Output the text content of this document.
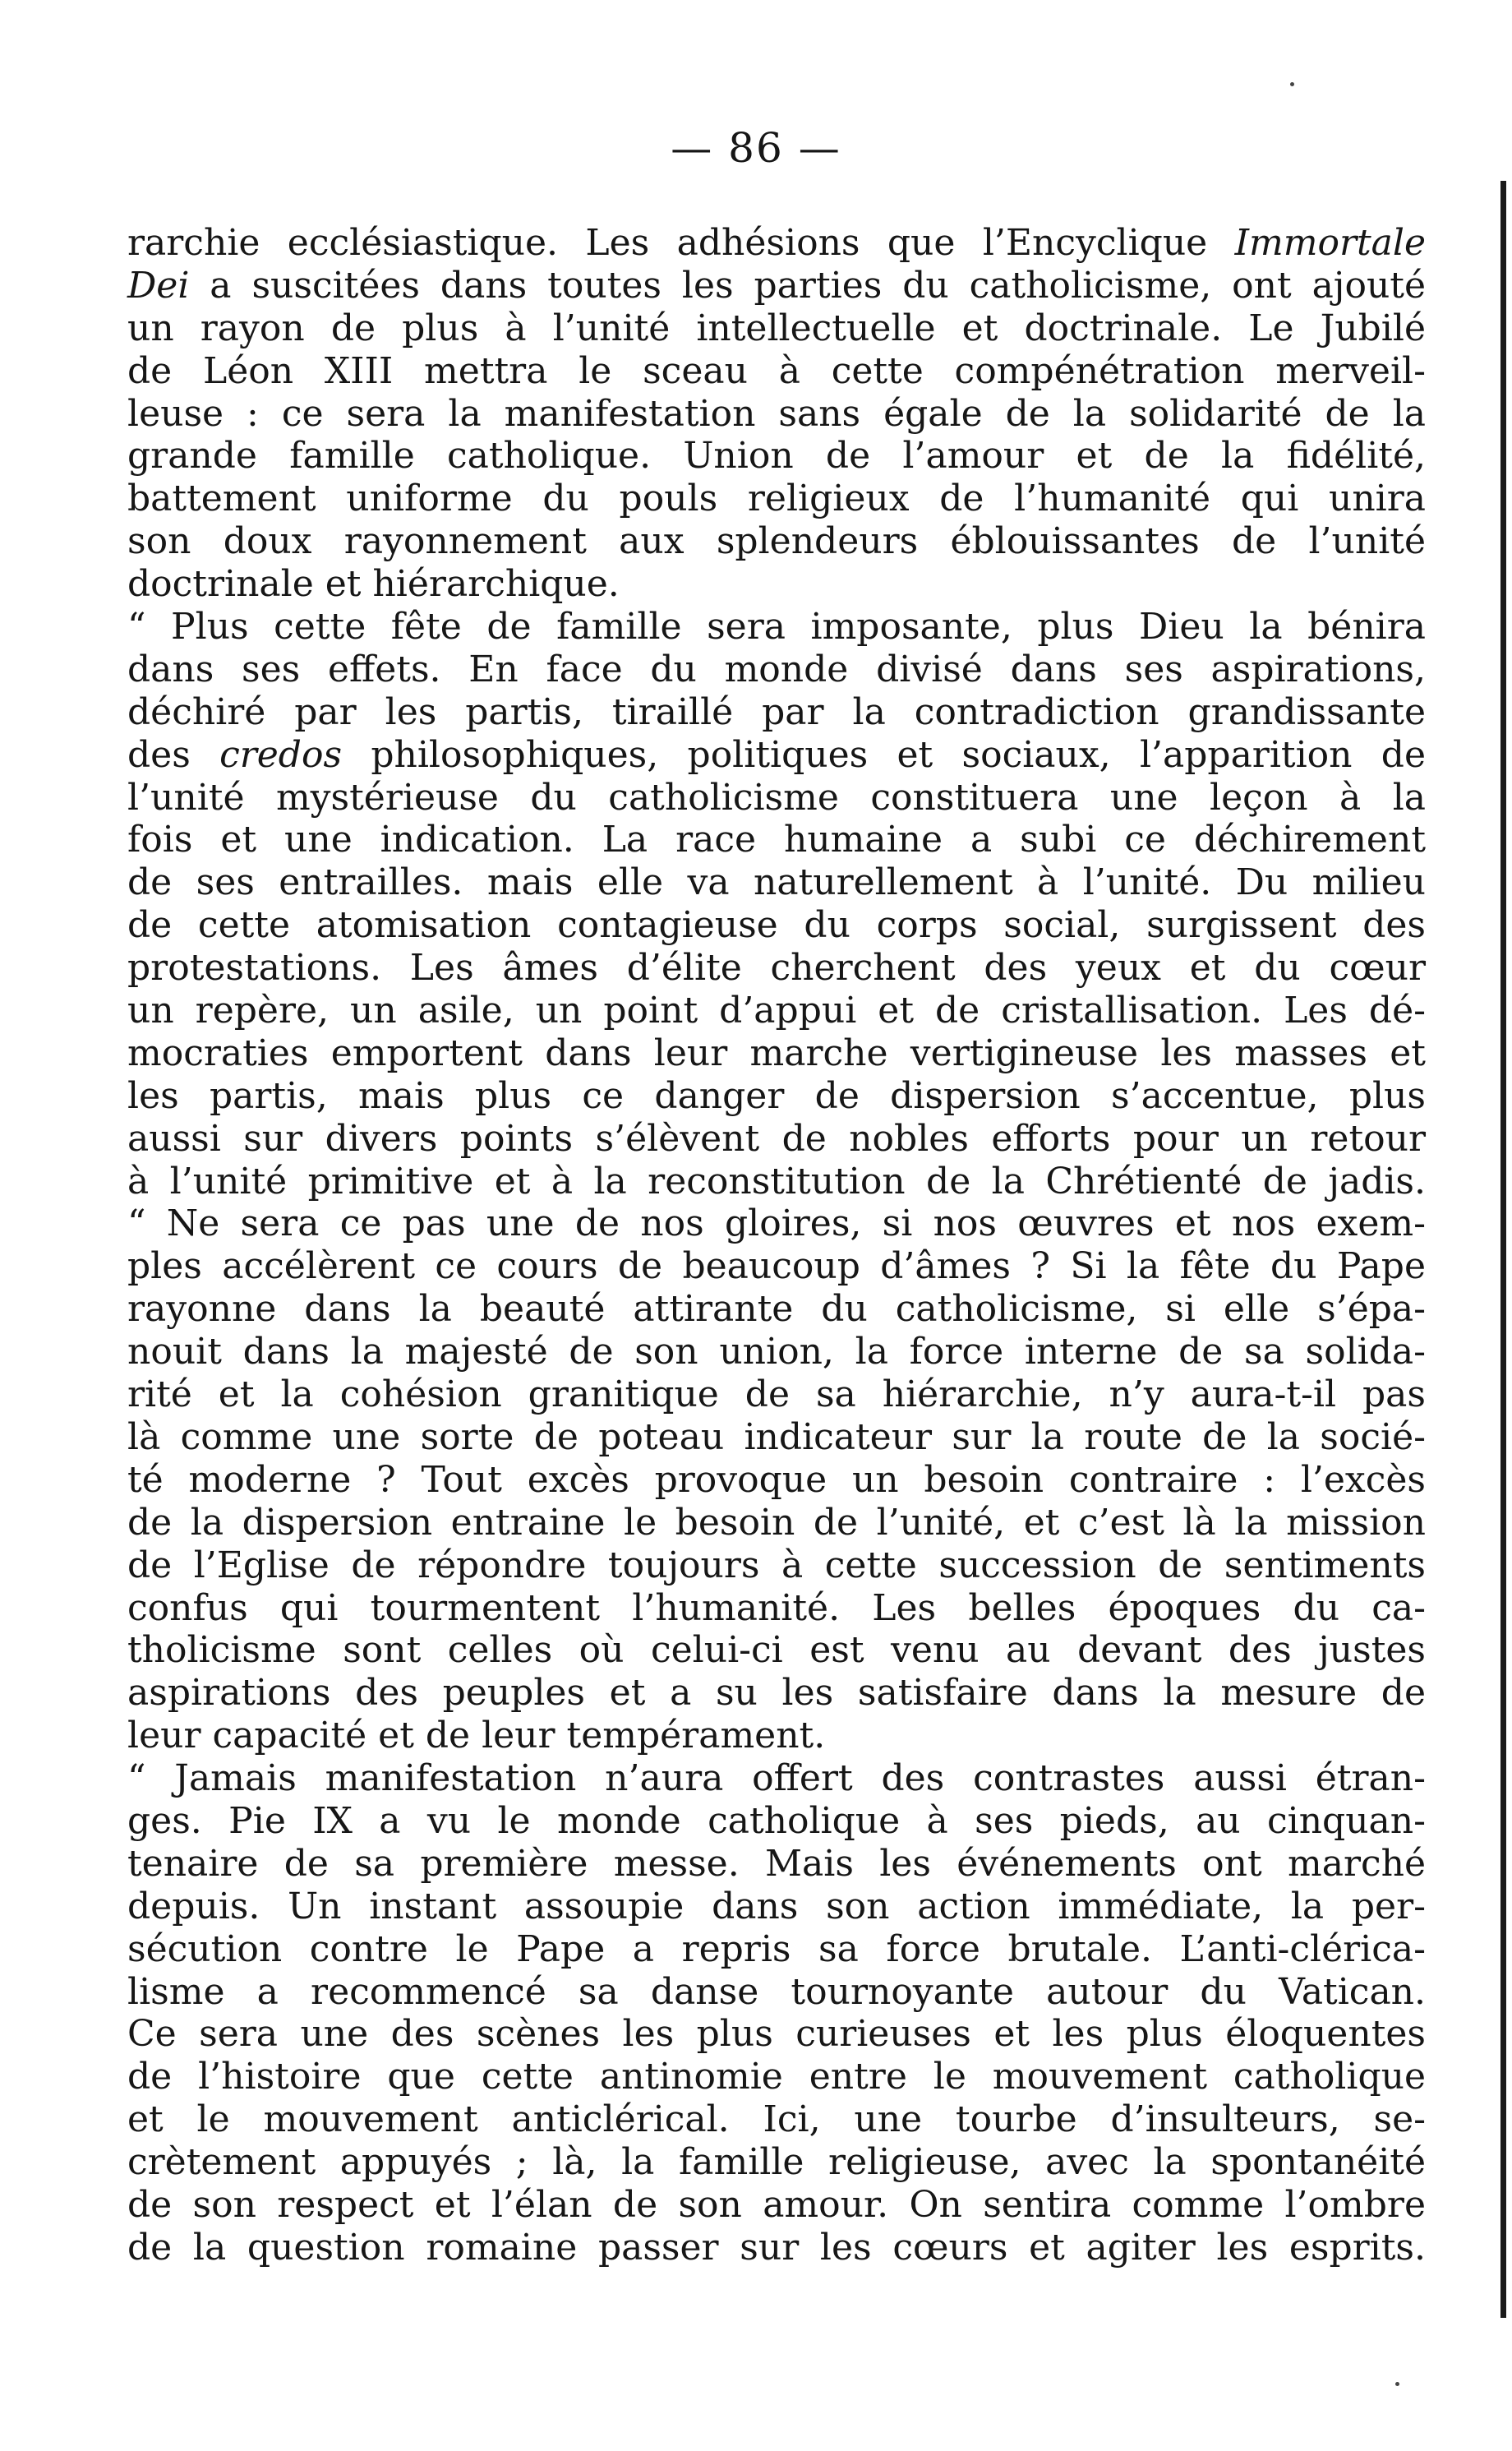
— 86 —
rarchie ecclésiastique. Les adhésions que l’Encyclique Immortale
Dei a suscitées dans toutes les parties du catholicisme, ont ajouté
un rayon de plus à l’unité intellectuelle et doctrinale. Le Jubilé
de Léon XIII mettra le sceau à cette compénétration merveil-
leuse : ce sera la manifestation sans égale de la solidarité de la
grande famille catholique. Union de l’amour et de la fidélité,
battement uniforme du pouls religieux de l’humanité qui unira
son doux rayonnement aux splendeurs éblouissantes de l’unité
doctrinale et hiérarchique.
“ Plus cette fête de famille sera imposante, plus Dieu la bénira
dans ses effets. En face du monde divisé dans ses aspirations,
déchiré par les partis, tiraillé par la contradiction grandissante
des credos philosophiques, politiques et sociaux, l’apparition de
l’unité mystérieuse du catholicisme constituera une leçon à la
fois et une indication. La race humaine a subi ce déchirement
de ses entrailles. mais elle va naturellement à l’unité. Du milieu
de cette atomisation contagieuse du corps social, surgissent des
protestations. Les âmes d’élite cherchent des yeux et du cœur
un repère, un asile, un point d’appui et de cristallisation. Les dé-
mocraties emportent dans leur marche vertigineuse les masses et
les partis, mais plus ce danger de dispersion s’accentue, plus
aussi sur divers points s’élèvent de nobles efforts pour un retour
à l’unité primitive et à la reconstitution de la Chrétienté de jadis.
“ Ne sera ce pas une de nos gloires, si nos œuvres et nos exem-
ples accélèrent ce cours de beaucoup d’âmes ? Si la fête du Pape
rayonne dans la beauté attirante du catholicisme, si elle s’épa-
nouit dans la majesté de son union, la force interne de sa solida-
rité et la cohésion granitique de sa hiérarchie, n’y aura-t-il pas
là comme une sorte de poteau indicateur sur la route de la socié-
té moderne ? Tout excès provoque un besoin contraire : l’excès
de la dispersion entraine le besoin de l’unité, et c’est là la mission
de l’Eglise de répondre toujours à cette succession de sentiments
confus qui tourmentent l’humanité. Les belles époques du ca-
tholicisme sont celles où celui-ci est venu au devant des justes
aspirations des peuples et a su les satisfaire dans la mesure de
leur capacité et de leur tempérament.
“ Jamais manifestation n’aura offert des contrastes aussi étran-
ges. Pie IX a vu le monde catholique à ses pieds, au cinquan-
tenaire de sa première messe. Mais les événements ont marché
depuis. Un instant assoupie dans son action immédiate, la per-
sécution contre le Pape a repris sa force brutale. L’anti-clérica-
lisme a recommencé sa danse tournoyante autour du Vatican.
Ce sera une des scènes les plus curieuses et les plus éloquentes
de l’histoire que cette antinomie entre le mouvement catholique
et le mouvement anticlérical. Ici, une tourbe d’insulteurs, se-
crètement appuyés ; là, la famille religieuse, avec la spontanéité
de son respect et l’élan de son amour. On sentira comme l’ombre
de la question romaine passer sur les cœurs et agiter les esprits.
